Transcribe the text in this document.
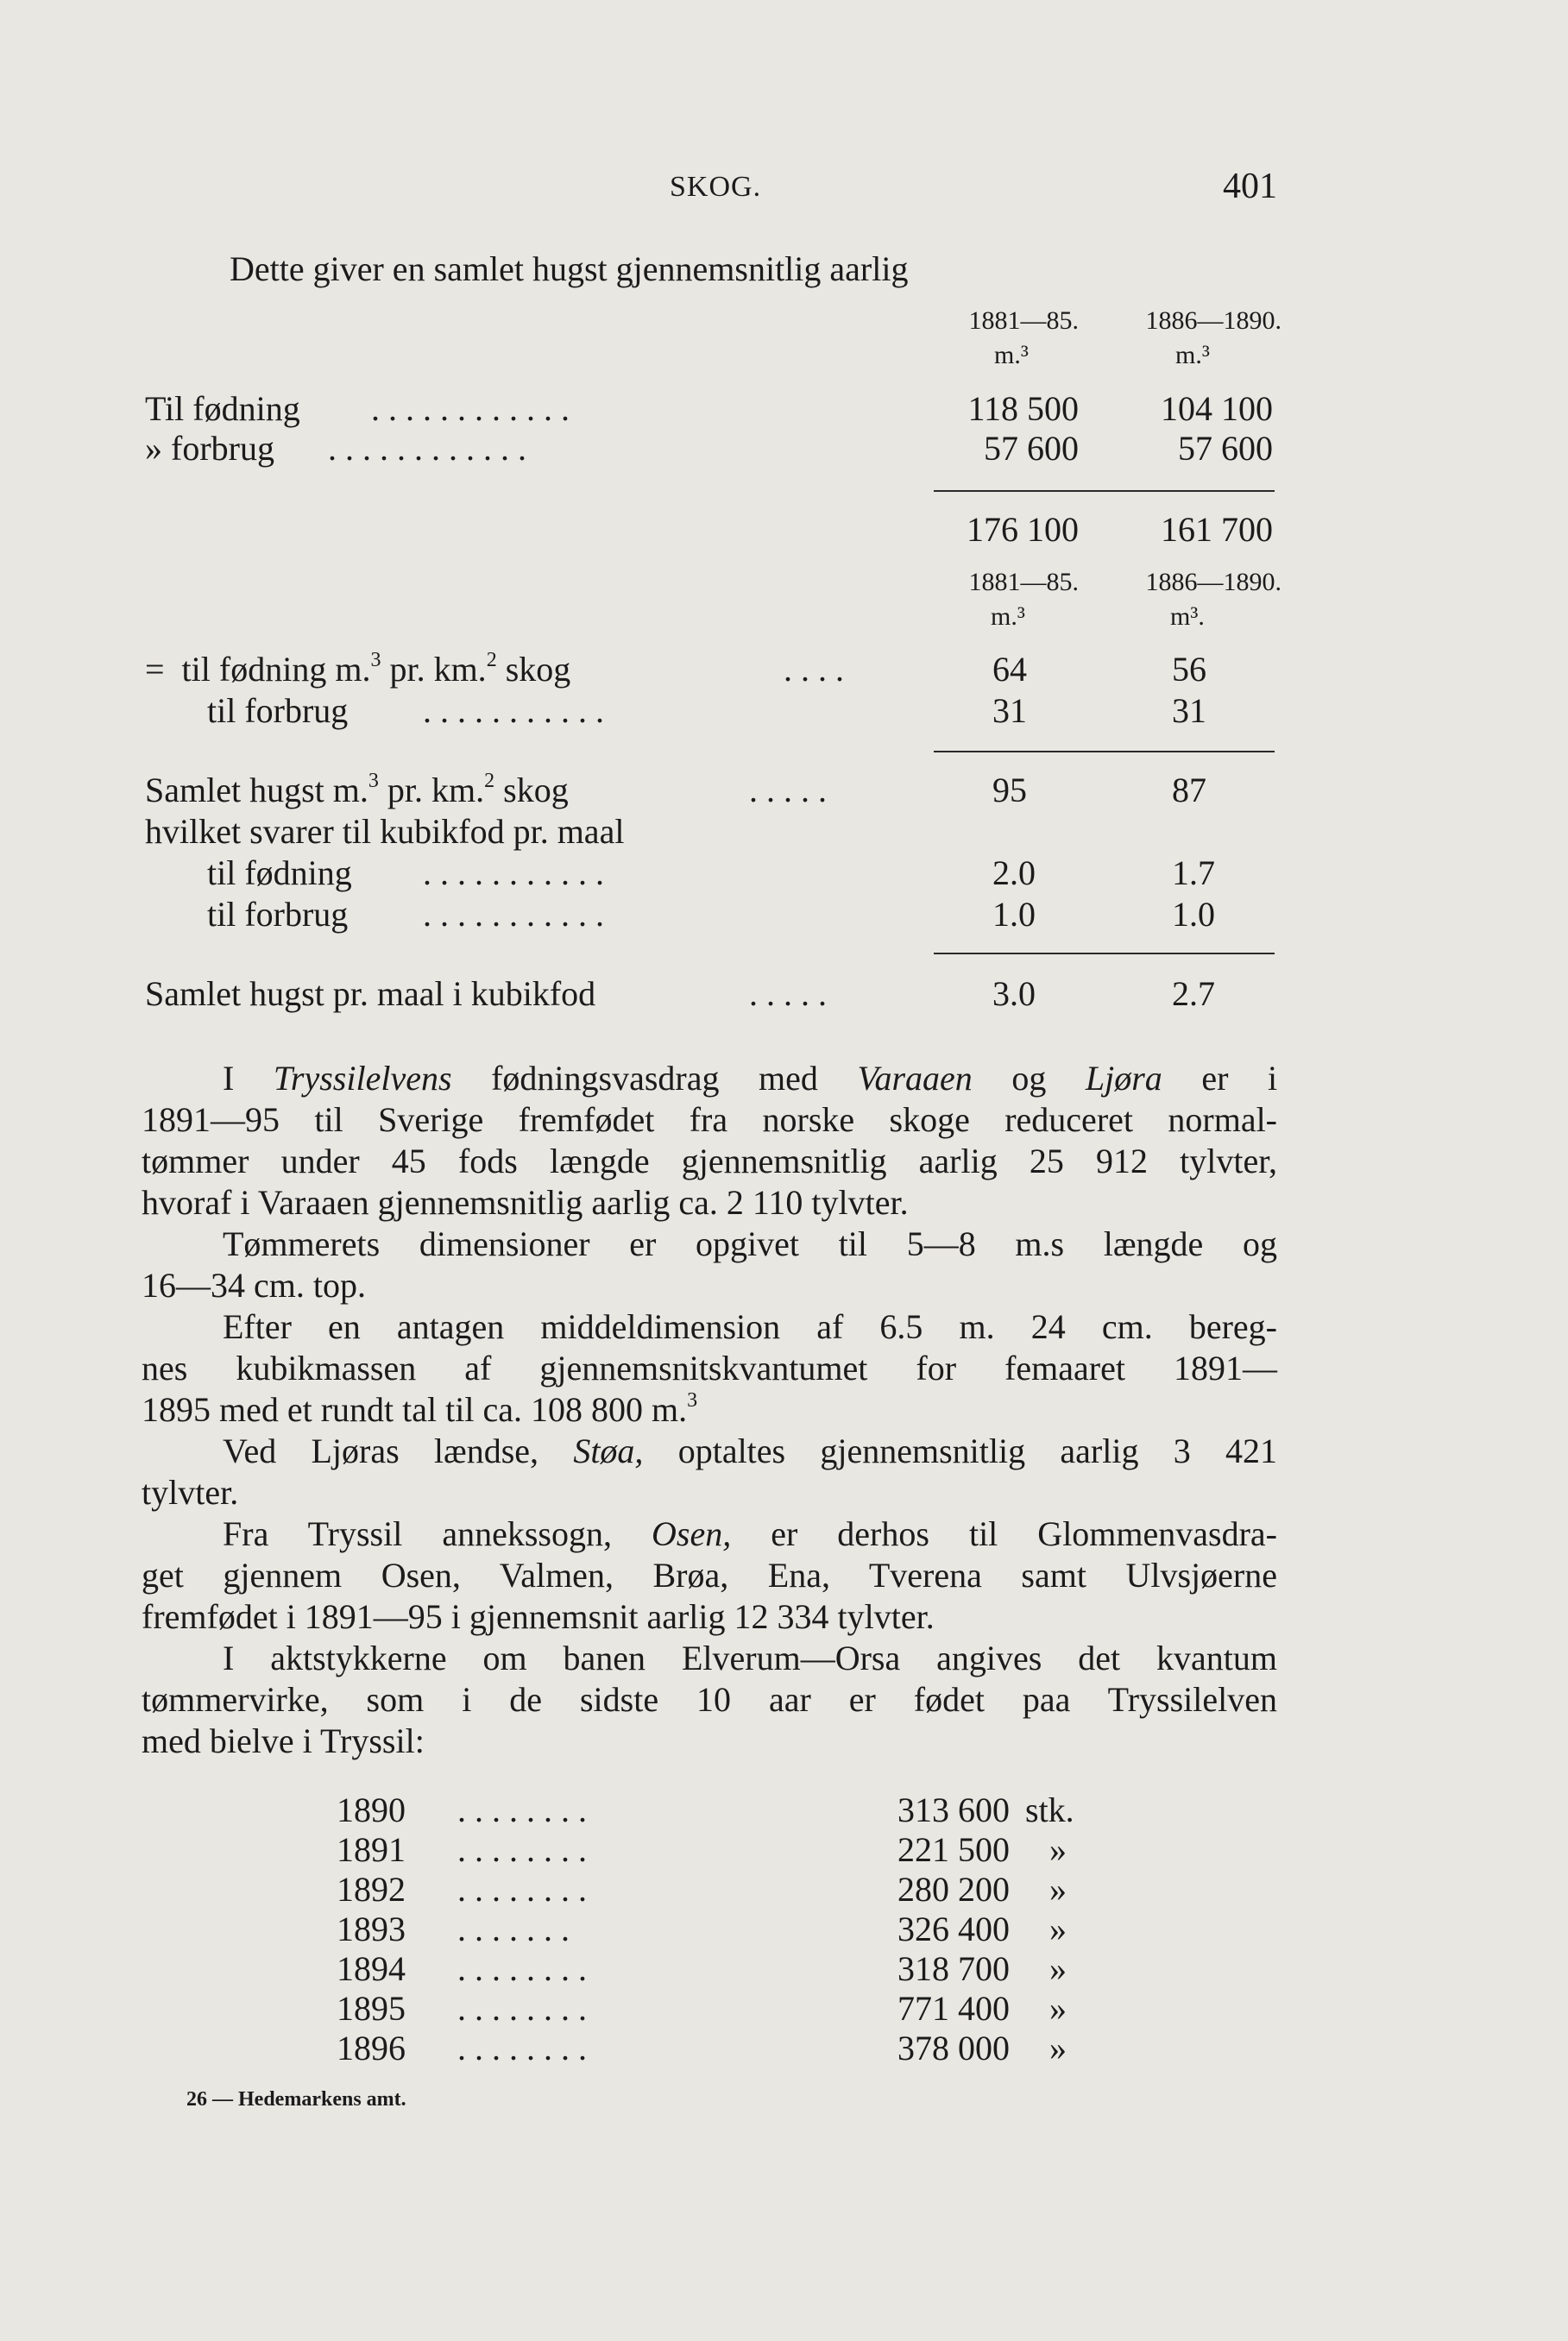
SKOG.	401
Dette giver en samlet hugst gjennemsnitlig aarlig
1881—85.	1886—1890.
m.³	m.³
Til fødning . . . . . . . . . . . .	118 500	104 100
» forbrug . . . . . . . . . . . .	57 600	57 600
176 100	161 700
1881—85.	1886—1890.
m.³	m³.
=  til fødning m.$^3$ pr. km.$^2$ skog	. . . .	64	56
til forbrug . . . . . . . . . . .	31	31
Samlet hugst m.$^3$ pr. km.$^2$ skog	. . . . .	95	87
hvilket svarer til kubikfod pr. maal
til fødning . . . . . . . . . . .	2.0	1.7
til forbrug . . . . . . . . . . .	1.0	1.0
Samlet hugst pr. maal i kubikfod	. . . . .	3.0	2.7
I Tryssilelvens fødningsvasdrag med Varaaen og Ljøra er i
1891—95 til Sverige fremfødet fra norske skoge reduceret normal-
tømmer under 45 fods længde gjennemsnitlig aarlig 25 912 tylvter,
hvoraf i Varaaen gjennemsnitlig aarlig ca. 2 110 tylvter.
Tømmerets dimensioner er opgivet til 5—8 m.s længde og
16—34 cm. top.
Efter en antagen middeldimension af 6.5 m. 24 cm. bereg-
nes kubikmassen af gjennemsnitskvantumet for femaaret 1891—
1895 med et rundt tal til ca. 108 800 m.$^3$
Ved Ljøras lændse, Støa, optaltes gjennemsnitlig aarlig 3 421
tylvter.
Fra Tryssil annekssogn, Osen, er derhos til Glommenvasdra-
get gjennem Osen, Valmen, Brøa, Ena, Tverena samt Ulvsjøerne
fremfødet i 1891—95 i gjennemsnit aarlig 12 334 tylvter.
I aktstykkerne om banen Elverum—Orsa angives det kvantum
tømmervirke, som i de sidste 10 aar er fødet paa Tryssilelven
med bielve i Tryssil:
1890 . . . . . . . .	313 600 stk.
1891 . . . . . . . .	221 500 »
1892 . . . . . . . .	280 200 »
1893 . . . . . . .	326 400 »
1894 . . . . . . . .	318 700 »
1895 . . . . . . . .	771 400 »
1896 . . . . . . . .	378 000 »
26 — Hedemarkens amt.
